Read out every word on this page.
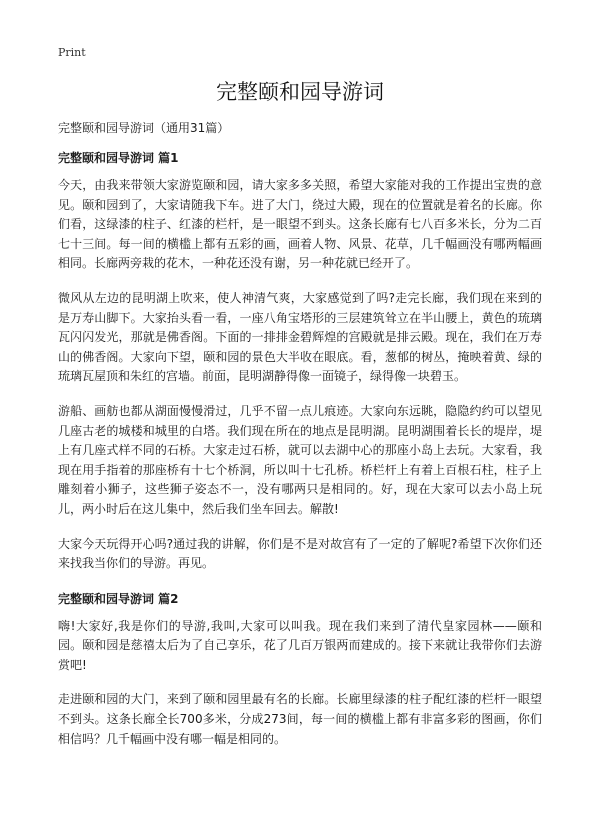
Print
完整颐和园导游词

完整颐和园导游词（通用31篇）

完整颐和园导游词 篇1

今天，由我来带领大家游览颐和园，请大家多多关照，希望大家能对我的工作提出宝贵的意见。颐和园到了，大家请随我下车。进了大门，绕过大殿，现在的位置就是着名的长廊。你们看，这绿漆的柱子、红漆的栏杆，是一眼望不到头。这条长廊有七八百多米长，分为二百七十三间。每一间的横槛上都有五彩的画，画着人物、风景、花草，几千幅画没有哪两幅画相同。长廊两旁栽的花木，一种花还没有谢，另一种花就已经开了。

微风从左边的昆明湖上吹来，使人神清气爽，大家感觉到了吗?走完长廊，我们现在来到的是万寿山脚下。大家抬头看一看，一座八角宝塔形的三层建筑耸立在半山腰上，黄色的琉璃瓦闪闪发光，那就是佛香阁。下面的一排排金碧辉煌的宫殿就是排云殿。现在，我们在万寿山的佛香阁。大家向下望，颐和园的景色大半收在眼底。看，葱郁的树丛，掩映着黄、绿的琉璃瓦屋顶和朱红的宫墙。前面，昆明湖静得像一面镜子，绿得像一块碧玉。

游船、画舫也都从湖面慢慢滑过，几乎不留一点儿痕迹。大家向东远眺，隐隐约约可以望见几座古老的城楼和城里的白塔。我们现在所在的地点是昆明湖。昆明湖围着长长的堤岸，堤上有几座式样不同的石桥。大家走过石桥，就可以去湖中心的那座小岛上去玩。大家看，我现在用手指着的那座桥有十七个桥洞，所以叫十七孔桥。桥栏杆上有着上百根石柱，柱子上雕刻着小狮子，这些狮子姿态不一，没有哪两只是相同的。好，现在大家可以去小岛上玩儿，两小时后在这儿集中，然后我们坐车回去。解散!

大家今天玩得开心吗?通过我的讲解，你们是不是对故宫有了一定的了解呢?希望下次你们还来找我当你们的导游。再见。

完整颐和园导游词 篇2

嗨!大家好,我是你们的导游,我叫,大家可以叫我。现在我们来到了清代皇家园林——颐和园。颐和园是慈禧太后为了自己享乐，花了几百万银两而建成的。接下来就让我带你们去游赏吧!

走进颐和园的大门，来到了颐和园里最有名的长廊。长廊里绿漆的柱子配红漆的栏杆一眼望不到头。这条长廊全长700多米，分成273间，每一间的横槛上都有非富多彩的图画，你们相信吗？几千幅画中没有哪一幅是相同的。
